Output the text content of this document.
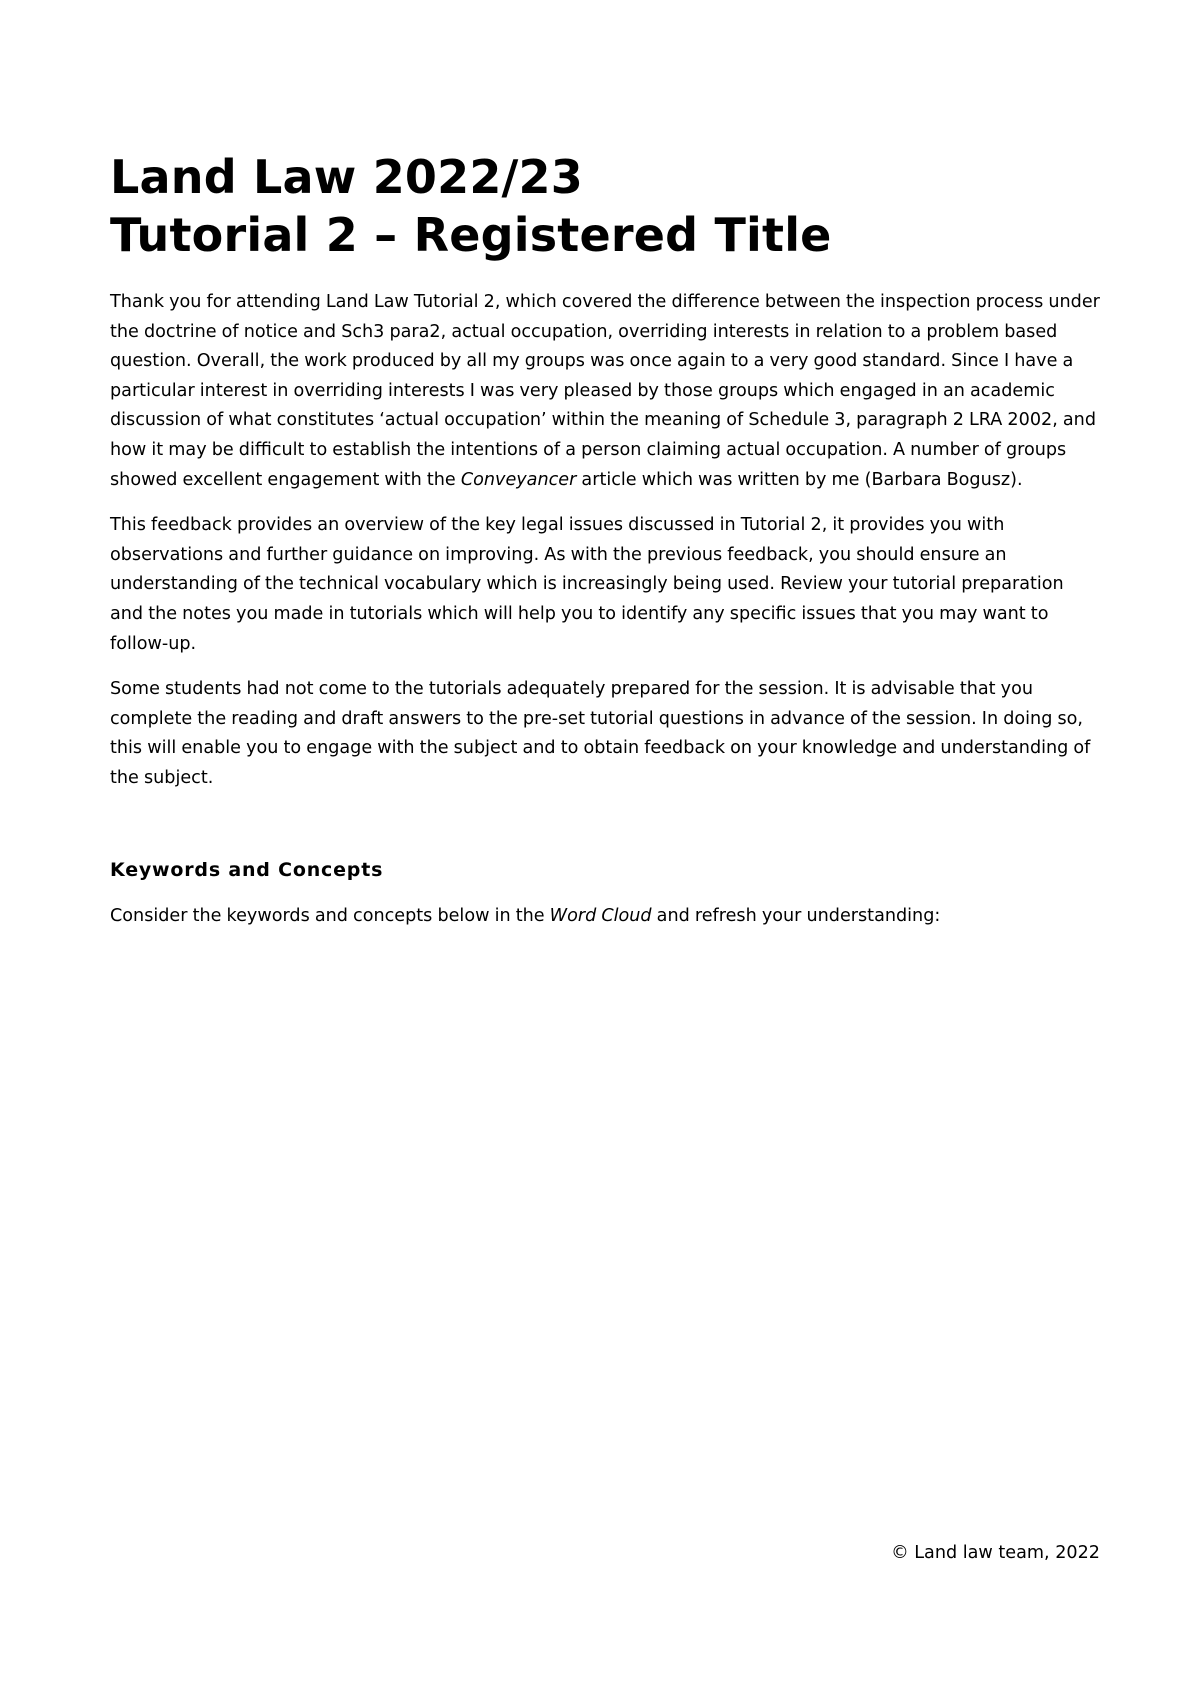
Land Law 2022/23
Tutorial 2 – Registered Title

Thank you for attending Land Law Tutorial 2, which covered the difference between the inspection process under the doctrine of notice and Sch3 para2, actual occupation, overriding interests in relation to a problem based question. Overall, the work produced by all my groups was once again to a very good standard. Since I have a particular interest in overriding interests I was very pleased by those groups which engaged in an academic discussion of what constitutes ‘actual occupation’ within the meaning of Schedule 3, paragraph 2 LRA 2002, and how it may be difficult to establish the intentions of a person claiming actual occupation. A number of groups showed excellent engagement with the Conveyancer article which was written by me (Barbara Bogusz).

This feedback provides an overview of the key legal issues discussed in Tutorial 2, it provides you with observations and further guidance on improving. As with the previous feedback, you should ensure an understanding of the technical vocabulary which is increasingly being used. Review your tutorial preparation and the notes you made in tutorials which will help you to identify any specific issues that you may want to follow-up.

Some students had not come to the tutorials adequately prepared for the session. It is advisable that you complete the reading and draft answers to the pre-set tutorial questions in advance of the session. In doing so, this will enable you to engage with the subject and to obtain feedback on your knowledge and understanding of the subject.

Keywords and Concepts

Consider the keywords and concepts below in the Word Cloud and refresh your understanding:

© Land law team, 2022
